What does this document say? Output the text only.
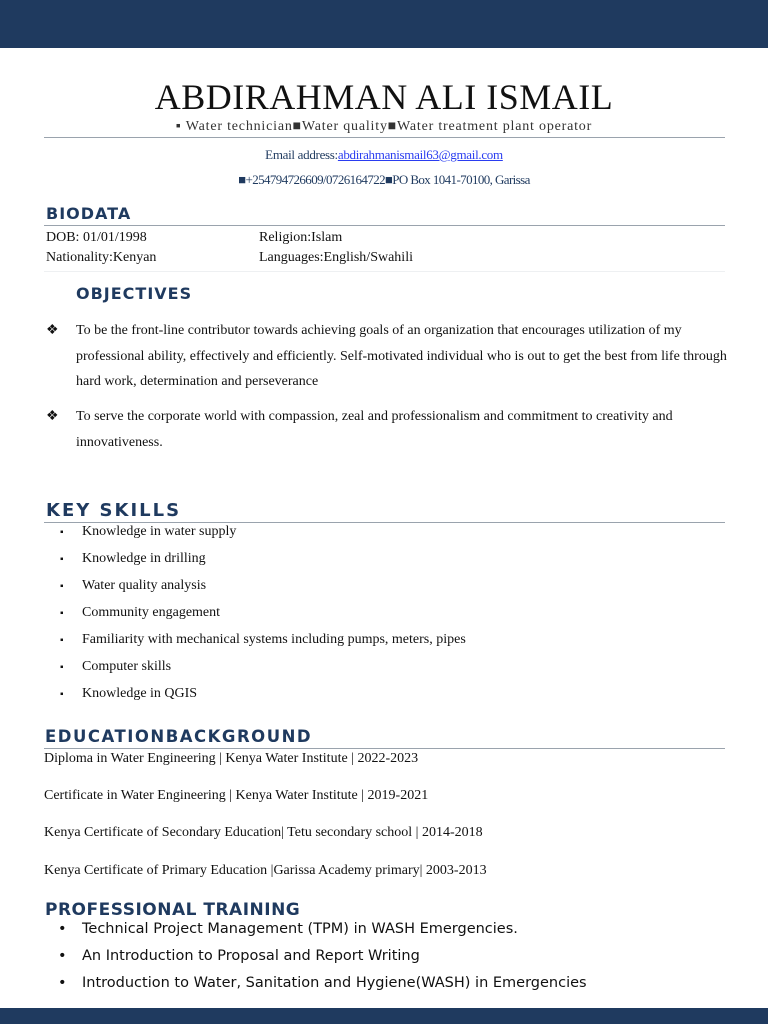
ABDIRAHMAN ALI ISMAIL
▪ Water technician■Water quality■Water treatment plant operator
Email address:abdirahmanismail63@gmail.com
■+254794726609/0726164722■PO Box 1041-70100, Garissa
BIODATA
DOB: 01/01/1998	Religion:Islam
Nationality:Kenyan	Languages:English/Swahili
OBJECTIVES
❖ To be the front-line contributor towards achieving goals of an organization that encourages utilization of my professional ability, effectively and efficiently. Self-motivated individual who is out to get the best from life through hard work, determination and perseverance
❖ To serve the corporate world with compassion, zeal and professionalism and commitment to creativity and innovativeness.
KEY SKILLS
▪ Knowledge in water supply
▪ Knowledge in drilling
▪ Water quality analysis
▪ Community engagement
▪ Familiarity with mechanical systems including pumps, meters, pipes
▪ Computer skills
▪ Knowledge in QGIS
EDUCATIONBACKGROUND
Diploma in Water Engineering | Kenya Water Institute | 2022-2023
Certificate in Water Engineering | Kenya Water Institute | 2019-2021
Kenya Certificate of Secondary Education| Tetu secondary school | 2014-2018
Kenya Certificate of Primary Education |Garissa Academy primary| 2003-2013
PROFESSIONAL TRAINING
• Technical Project Management (TPM) in WASH Emergencies.
• An Introduction to Proposal and Report Writing
• Introduction to Water, Sanitation and Hygiene(WASH) in Emergencies
